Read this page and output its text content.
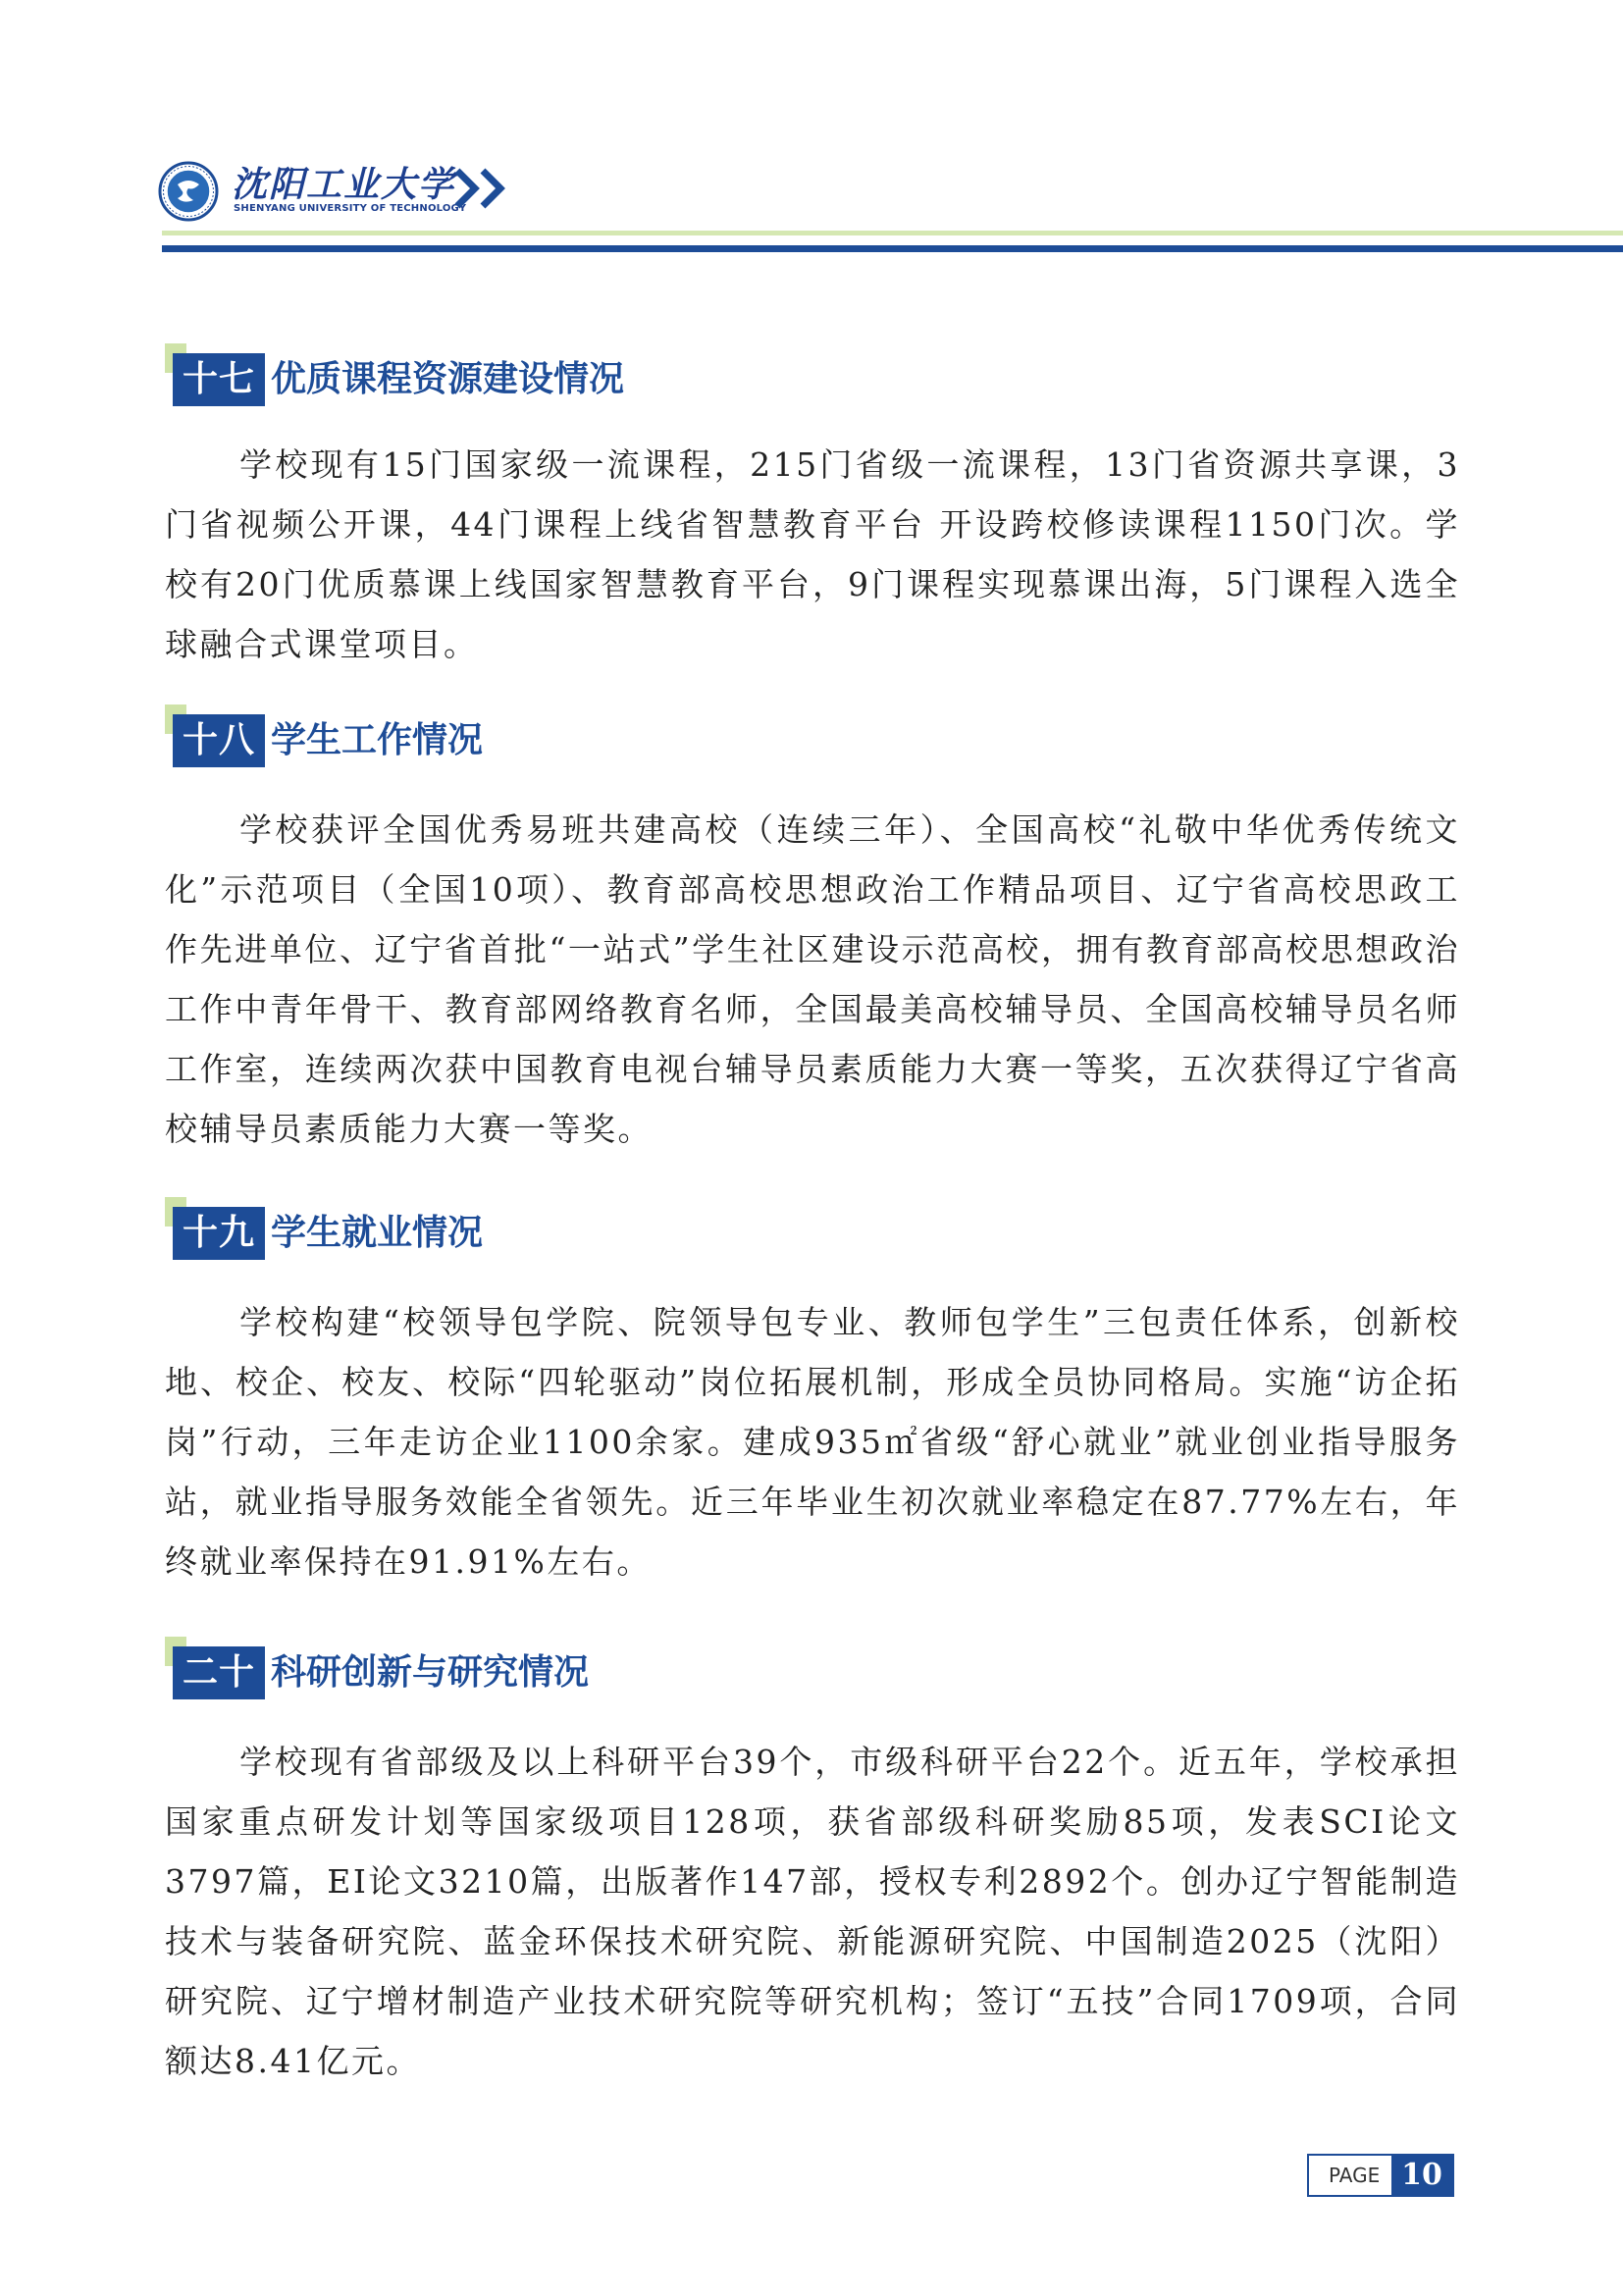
沈阳工业大学
SHENYANG UNIVERSITY OF TECHNOLOGY
十七 优质课程资源建设情况

学校现有15门国家级一流课程，215门省级一流课程，13门省资源共享课，3门省视频公开课，44门课程上线省智慧教育平台 开设跨校修读课程1150门次。学校有20门优质慕课上线国家智慧教育平台，9门课程实现慕课出海，5门课程入选全球融合式课堂项目。

十八 学生工作情况

学校获评全国优秀易班共建高校（连续三年）、全国高校“礼敬中华优秀传统文化”示范项目（全国10项）、教育部高校思想政治工作精品项目、辽宁省高校思政工作先进单位、辽宁省首批“一站式”学生社区建设示范高校，拥有教育部高校思想政治工作中青年骨干、教育部网络教育名师，全国最美高校辅导员、全国高校辅导员名师工作室，连续两次获中国教育电视台辅导员素质能力大赛一等奖，五次获得辽宁省高校辅导员素质能力大赛一等奖。

十九 学生就业情况

学校构建“校领导包学院、院领导包专业、教师包学生”三包责任体系，创新校地、校企、校友、校际“四轮驱动”岗位拓展机制，形成全员协同格局。实施“访企拓岗”行动，三年走访企业1100余家。建成935㎡省级“舒心就业”就业创业指导服务站，就业指导服务效能全省领先。近三年毕业生初次就业率稳定在87.77%左右，年终就业率保持在91.91%左右。

二十 科研创新与研究情况

学校现有省部级及以上科研平台39个，市级科研平台22个。近五年，学校承担国家重点研发计划等国家级项目128项，获省部级科研奖励85项，发表SCI论文3797篇，EI论文3210篇，出版著作147部，授权专利2892个。创办辽宁智能制造技术与装备研究院、蓝金环保技术研究院、新能源研究院、中国制造2025（沈阳）研究院、辽宁增材制造产业技术研究院等研究机构；签订“五技”合同1709项，合同额达8.41亿元。

PAGE 10
